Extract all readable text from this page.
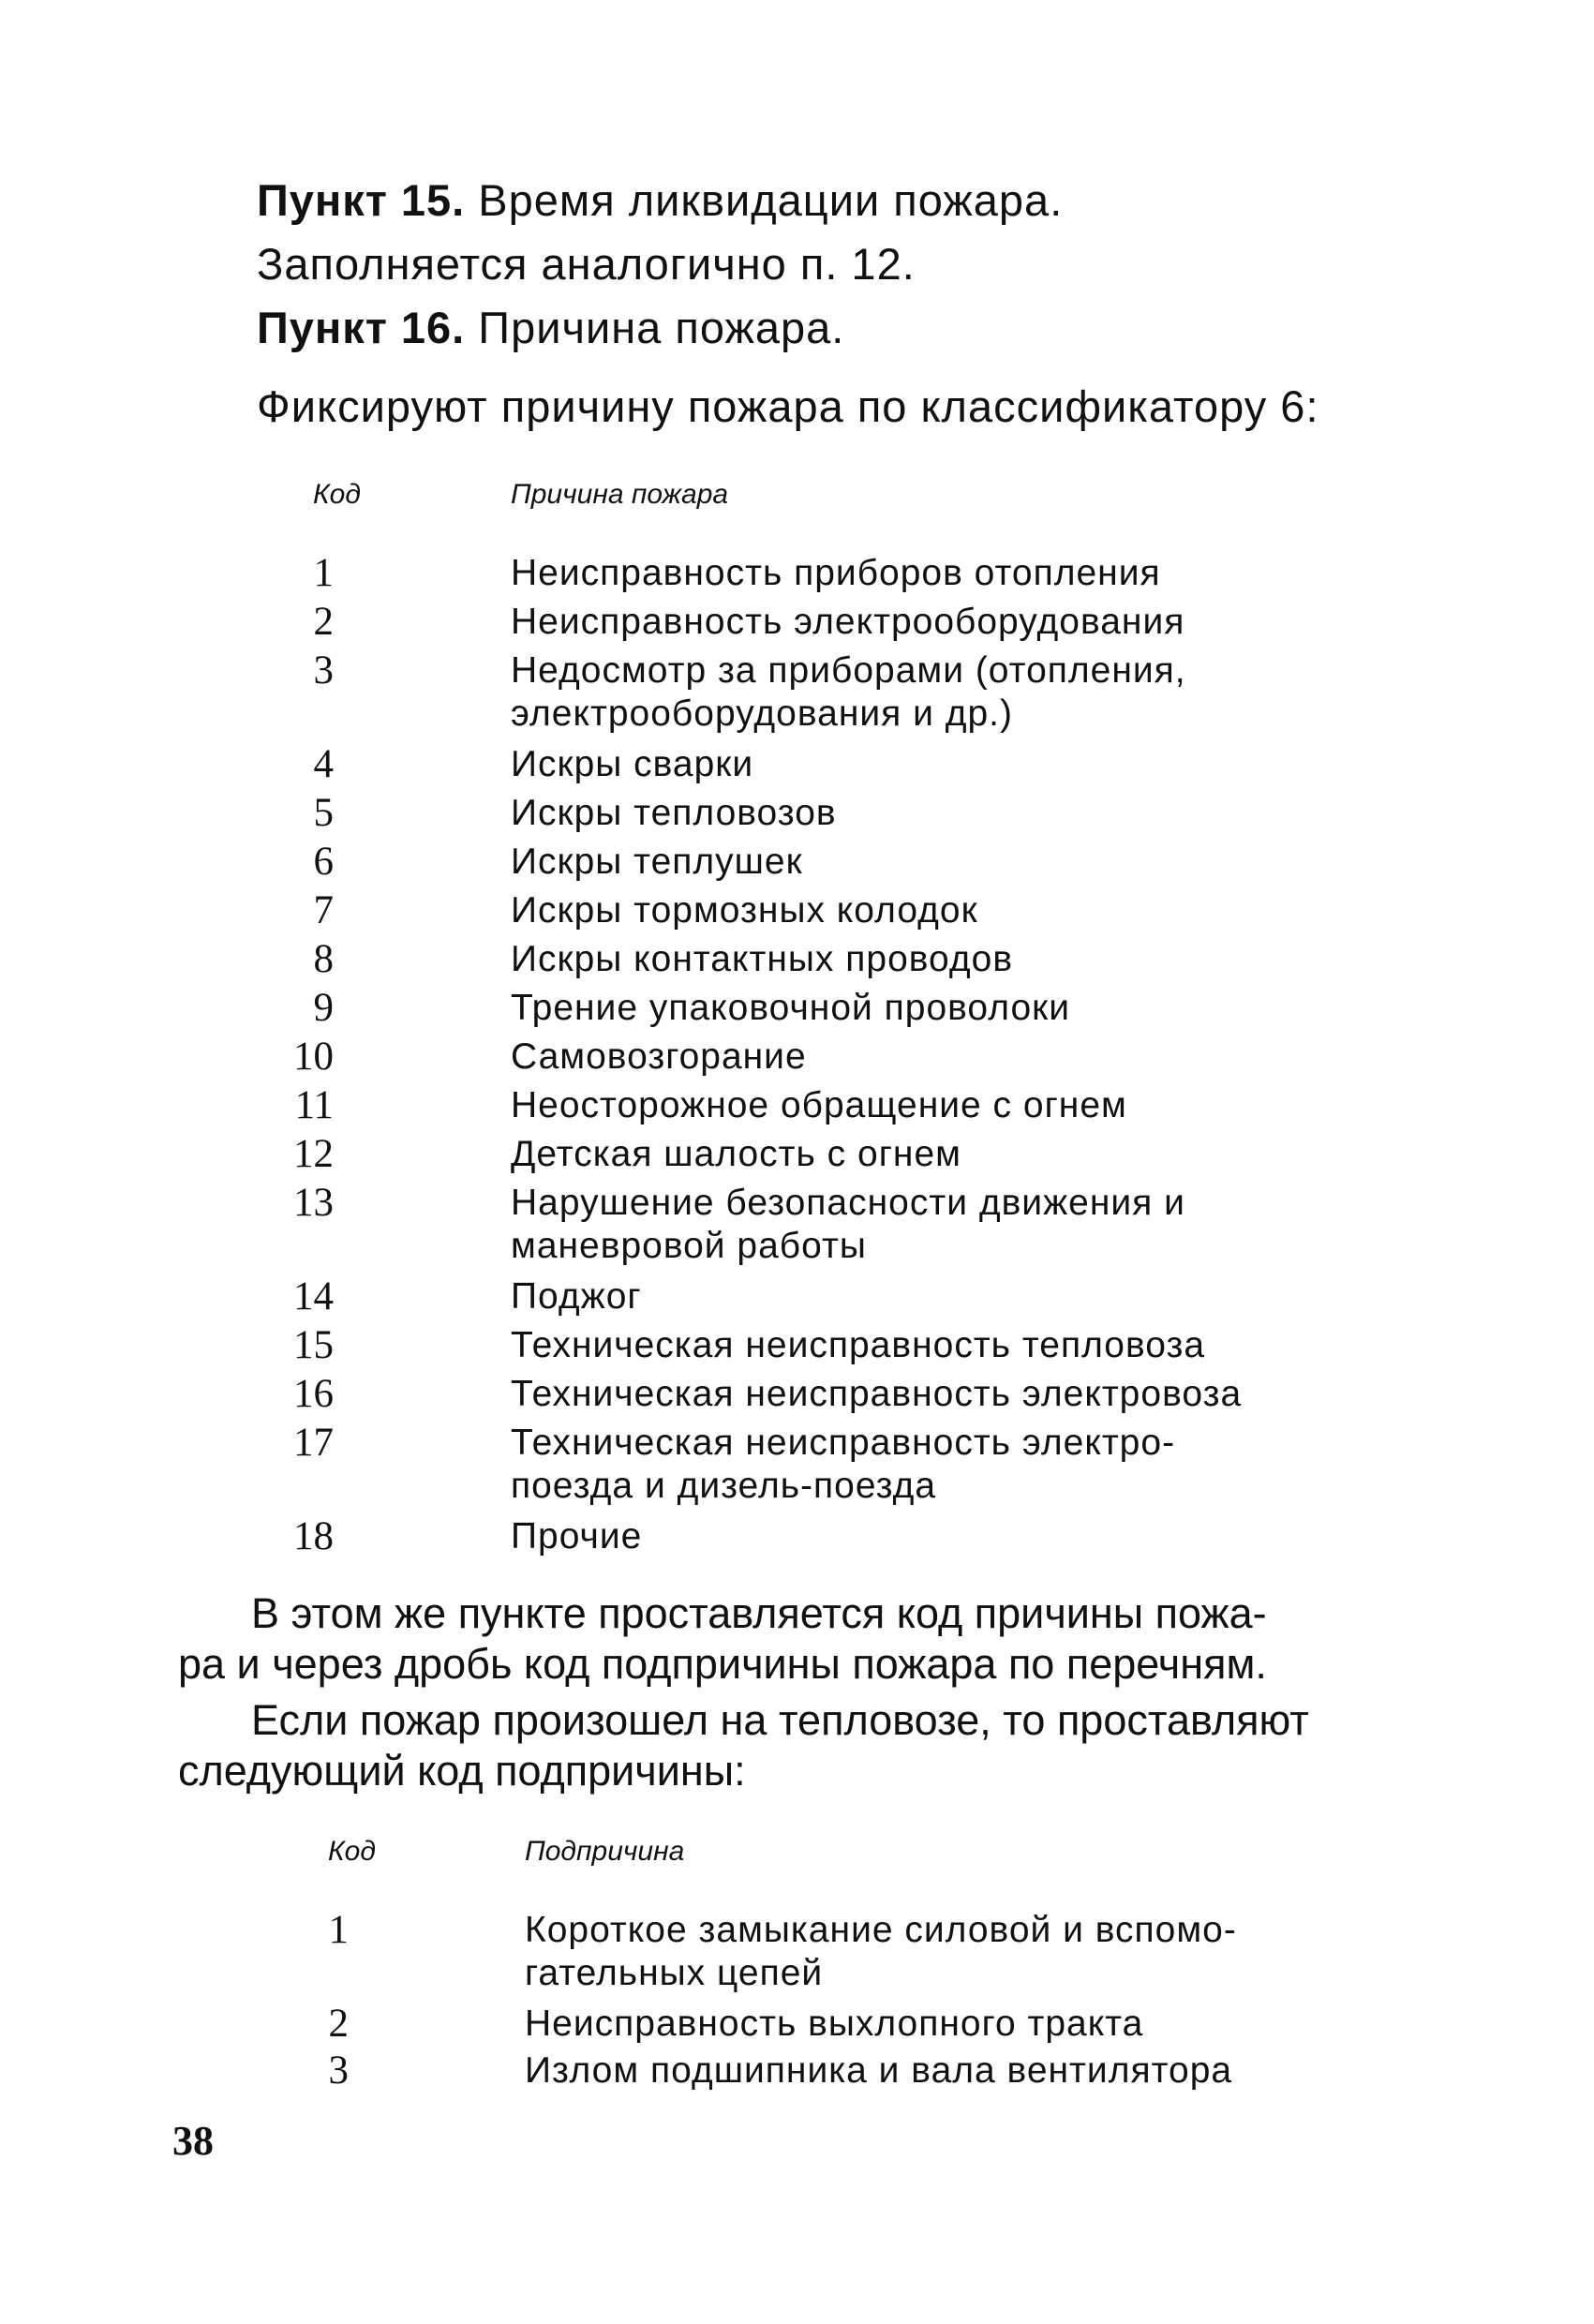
Пункт 15. Время ликвидации пожара.
Заполняется аналогично п. 12.
Пункт 16. Причина пожара.
Фиксируют причину пожара по классификатору 6:
Код	Причина пожара
1	Неисправность приборов отопления
2	Неисправность электрооборудования
3	Недосмотр за приборами (отопления,
электрооборудования и др.)
4	Искры сварки
5	Искры тепловозов
6	Искры теплушек
7	Искры тормозных колодок
8	Искры контактных проводов
9	Трение упаковочной проволоки
10	Самовозгорание
11	Неосторожное обращение с огнем
12	Детская шалость с огнем
13	Нарушение безопасности движения и
маневровой работы
14	Поджог
15	Техническая неисправность тепловоза
16	Техническая неисправность электровоза
17	Техническая неисправность электро-
поезда и дизель-поезда
18	Прочие
В этом же пункте проставляется код причины пожа-
ра и через дробь код подпричины пожара по перечням.
Если пожар произошел на тепловозе, то проставляют
следующий код подпричины:
Код	Подпричина
1	Короткое замыкание силовой и вспомо-
гательных цепей
2	Неисправность выхлопного тракта
3	Излом подшипника и вала вентилятора
38
